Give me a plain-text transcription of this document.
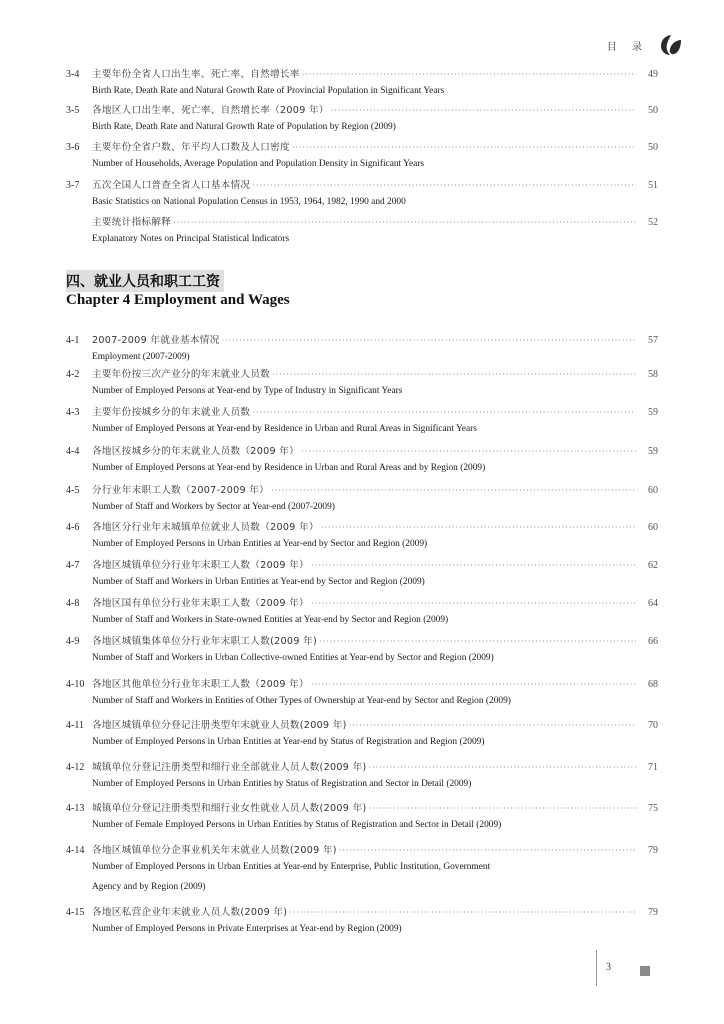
目 录
四、就业人员和职工工资
Chapter 4 Employment and Wages
3-4	主要年份全省人口出生率、死亡率、自然增长率 ·····	49
Birth Rate, Death Rate and Natural Growth Rate of Provincial Population in Significant Years
3-5	各地区人口出生率、死亡率、自然增长率（2009 年） ·····	50
Birth Rate, Death Rate and Natural Growth Rate of Population by Region (2009)
3-6	主要年份全省户数、年平均人口数及人口密度 ·····	50
Number of Households, Average Population and Population Density in Significant Years
3-7	五次全国人口普查全省人口基本情况 ·····	51
Basic Statistics on National Population Census in 1953, 1964, 1982, 1990 and 2000
主要统计指标解释 ·····	52
Explanatory Notes on Principal Statistical Indicators
4-1	2007-2009 年就业基本情况 ·····	57
Employment (2007-2009)
4-2	主要年份按三次产业分的年末就业人员数 ·····	58
Number of Employed Persons at Year-end by Type of Industry in Significant Years
4-3	主要年份按城乡分的年末就业人员数 ·····	59
Number of Employed Persons at Year-end by Residence in Urban and Rural Areas in Significant Years
4-4	各地区按城乡分的年末就业人员数（2009 年） ·····	59
Number of Employed Persons at Year-end by Residence in Urban and Rural Areas and by Region (2009)
4-5	分行业年末职工人数（2007-2009 年） ·····	60
Number of Staff and Workers by Sector at Year-end (2007-2009)
4-6	各地区分行业年末城镇单位就业人员数（2009 年） ·····	60
Number of Employed Persons in Urban Entities at Year-end by Sector and Region (2009)
4-7	各地区城镇单位分行业年末职工人数（2009 年） ·····	62
Number of Staff and Workers in Urban Entities at Year-end by Sector and Region (2009)
4-8	各地区国有单位分行业年末职工人数（2009 年） ·····	64
Number of Staff and Workers in State-owned Entities at Year-end by Sector and Region (2009)
4-9	各地区城镇集体单位分行业年末职工人数(2009 年) ·····	66
Number of Staff and Workers in Urban Collective-owned Entities at Year-end by Sector and Region (2009)
4-10 各地区其他单位分行业年末职工人数（2009 年） ·····	68
Number of Staff and Workers in Entities of Other Types of Ownership at Year-end by Sector and Region (2009)
4-11 各地区城镇单位分登记注册类型年末就业人员数(2009 年) ·····	70
Number of Employed Persons in Urban Entities at Year-end by Status of Registration and Region (2009)
4-12 城镇单位分登记注册类型和细行业全部就业人员人数(2009 年) ·····	71
Number of Employed Persons in Urban Entities by Status of Registration and Sector in Detail (2009)
4-13 城镇单位分登记注册类型和细行业女性就业人员人数(2009 年) ·····	75
Number of Female Employed Persons in Urban Entities by Status of Registration and Sector in Detail (2009)
4-14 各地区城镇单位分企事业机关年末就业人员数(2009 年) ·····	79
Number of Employed Persons in Urban Entities at Year-end by Enterprise, Public Institution, Government
Agency and by Region (2009)
4-15 各地区私营企业年末就业人员人数(2009 年) ·····	79
Number of Employed Persons in Private Enterprises at Year-end by Region (2009)
3
